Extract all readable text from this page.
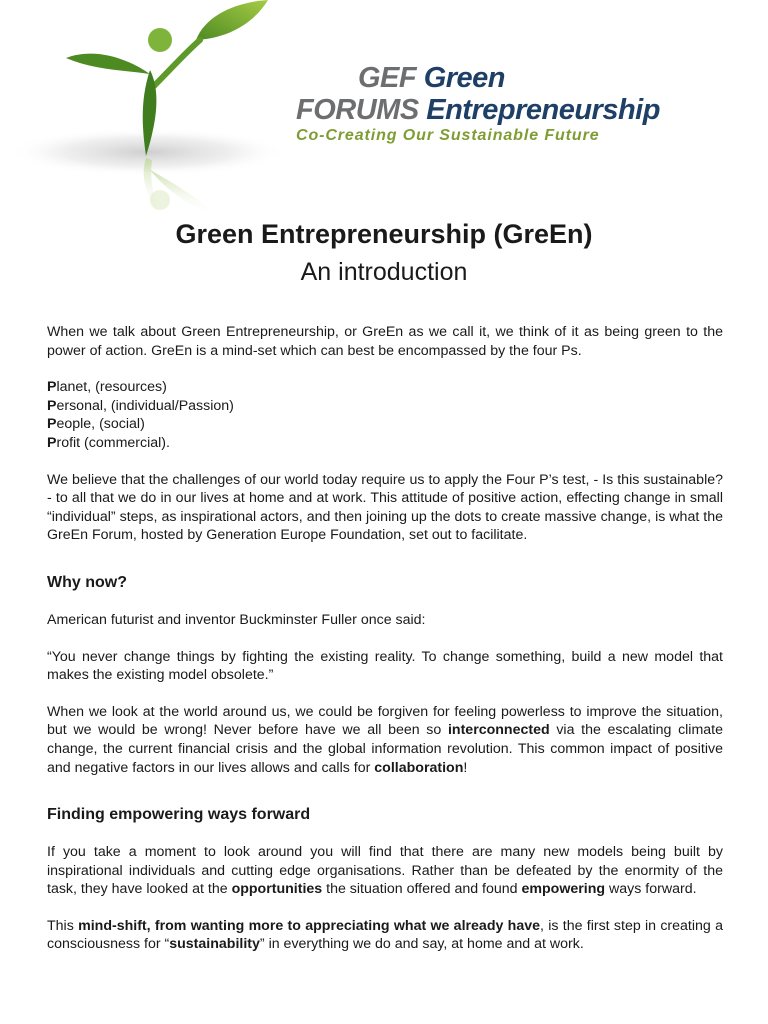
GEF Green
FORUMS Entrepreneurship
Co-Creating Our Sustainable Future
Green Entrepreneurship (GreEn)
An introduction

When we talk about Green Entrepreneurship, or GreEn as we call it, we think of it as being green to the power of action. GreEn is a mind-set which can best be encompassed by the four Ps.

Planet, (resources)
Personal, (individual/Passion)
People, (social)
Profit (commercial).

We believe that the challenges of our world today require us to apply the Four P’s test, - Is this sustainable? - to all that we do in our lives at home and at work. This attitude of positive action, effecting change in small “individual” steps, as inspirational actors, and then joining up the dots to create massive change, is what the GreEn Forum, hosted by Generation Europe Foundation, set out to facilitate.

Why now?

American futurist and inventor Buckminster Fuller once said:

“You never change things by fighting the existing reality. To change something, build a new model that makes the existing model obsolete.”

When we look at the world around us, we could be forgiven for feeling powerless to improve the situation, but we would be wrong! Never before have we all been so interconnected via the escalating climate change, the current financial crisis and the global information revolution. This common impact of positive and negative factors in our lives allows and calls for collaboration!

Finding empowering ways forward

If you take a moment to look around you will find that there are many new models being built by inspirational individuals and cutting edge organisations. Rather than be defeated by the enormity of the task, they have looked at the opportunities the situation offered and found empowering ways forward.

This mind-shift, from wanting more to appreciating what we already have, is the first step in creating a consciousness for “sustainability” in everything we do and say, at home and at work.
